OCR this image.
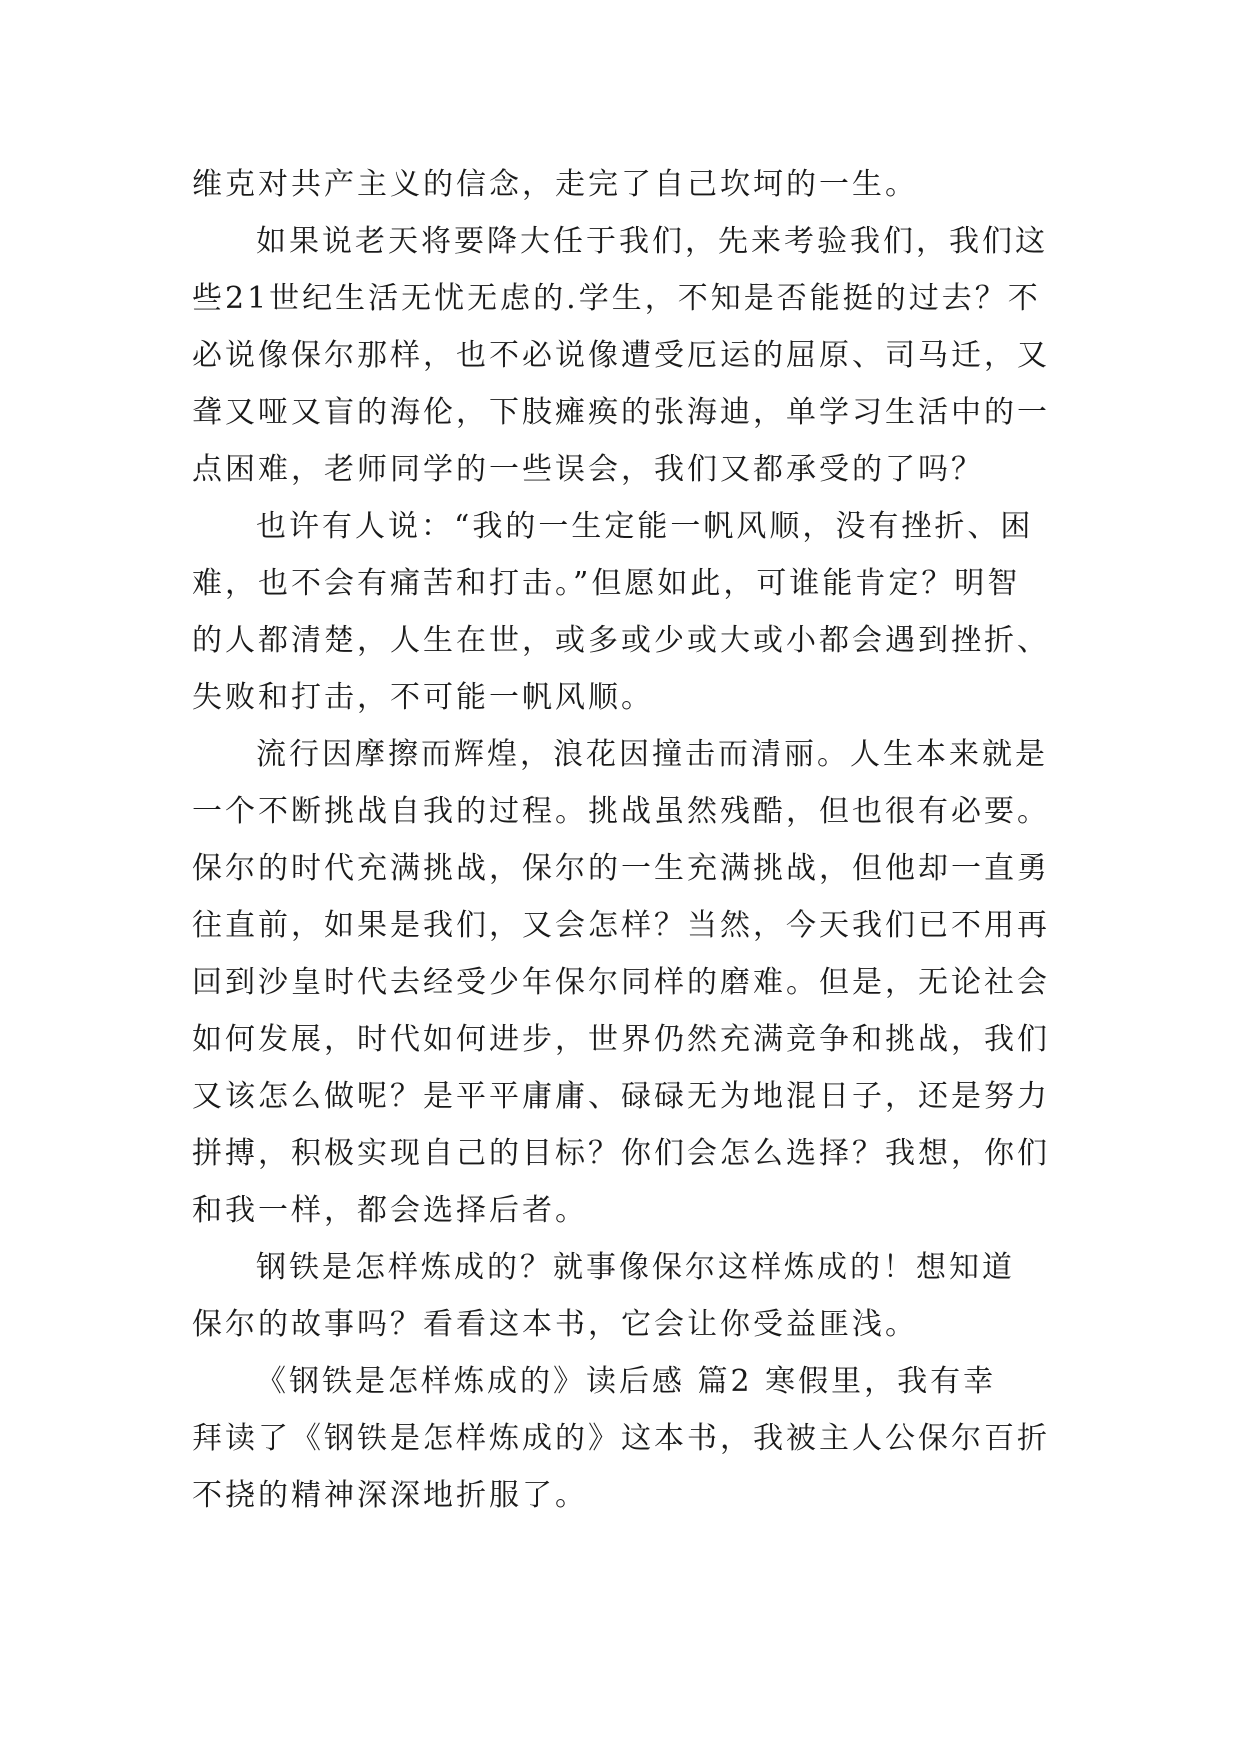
维克对共产主义的信念，走完了自己坎坷的一生。
如果说老天将要降大任于我们，先来考验我们，我们这
些21世纪生活无忧无虑的.学生，不知是否能挺的过去？不
必说像保尔那样，也不必说像遭受厄运的屈原、司马迁，又
聋又哑又盲的海伦，下肢瘫痪的张海迪，单学习生活中的一
点困难，老师同学的一些误会，我们又都承受的了吗？
也许有人说：“我的一生定能一帆风顺，没有挫折、困
难，也不会有痛苦和打击。”但愿如此，可谁能肯定？明智
的人都清楚，人生在世，或多或少或大或小都会遇到挫折、
失败和打击，不可能一帆风顺。
流行因摩擦而辉煌，浪花因撞击而清丽。人生本来就是
一个不断挑战自我的过程。挑战虽然残酷，但也很有必要。
保尔的时代充满挑战，保尔的一生充满挑战，但他却一直勇
往直前，如果是我们，又会怎样？当然，今天我们已不用再
回到沙皇时代去经受少年保尔同样的磨难。但是，无论社会
如何发展，时代如何进步，世界仍然充满竞争和挑战，我们
又该怎么做呢？是平平庸庸、碌碌无为地混日子，还是努力
拼搏，积极实现自己的目标？你们会怎么选择？我想，你们
和我一样，都会选择后者。
钢铁是怎样炼成的？就事像保尔这样炼成的！想知道
保尔的故事吗？看看这本书，它会让你受益匪浅。
《钢铁是怎样炼成的》读后感 篇2 寒假里，我有幸
拜读了《钢铁是怎样炼成的》这本书，我被主人公保尔百折
不挠的精神深深地折服了。
